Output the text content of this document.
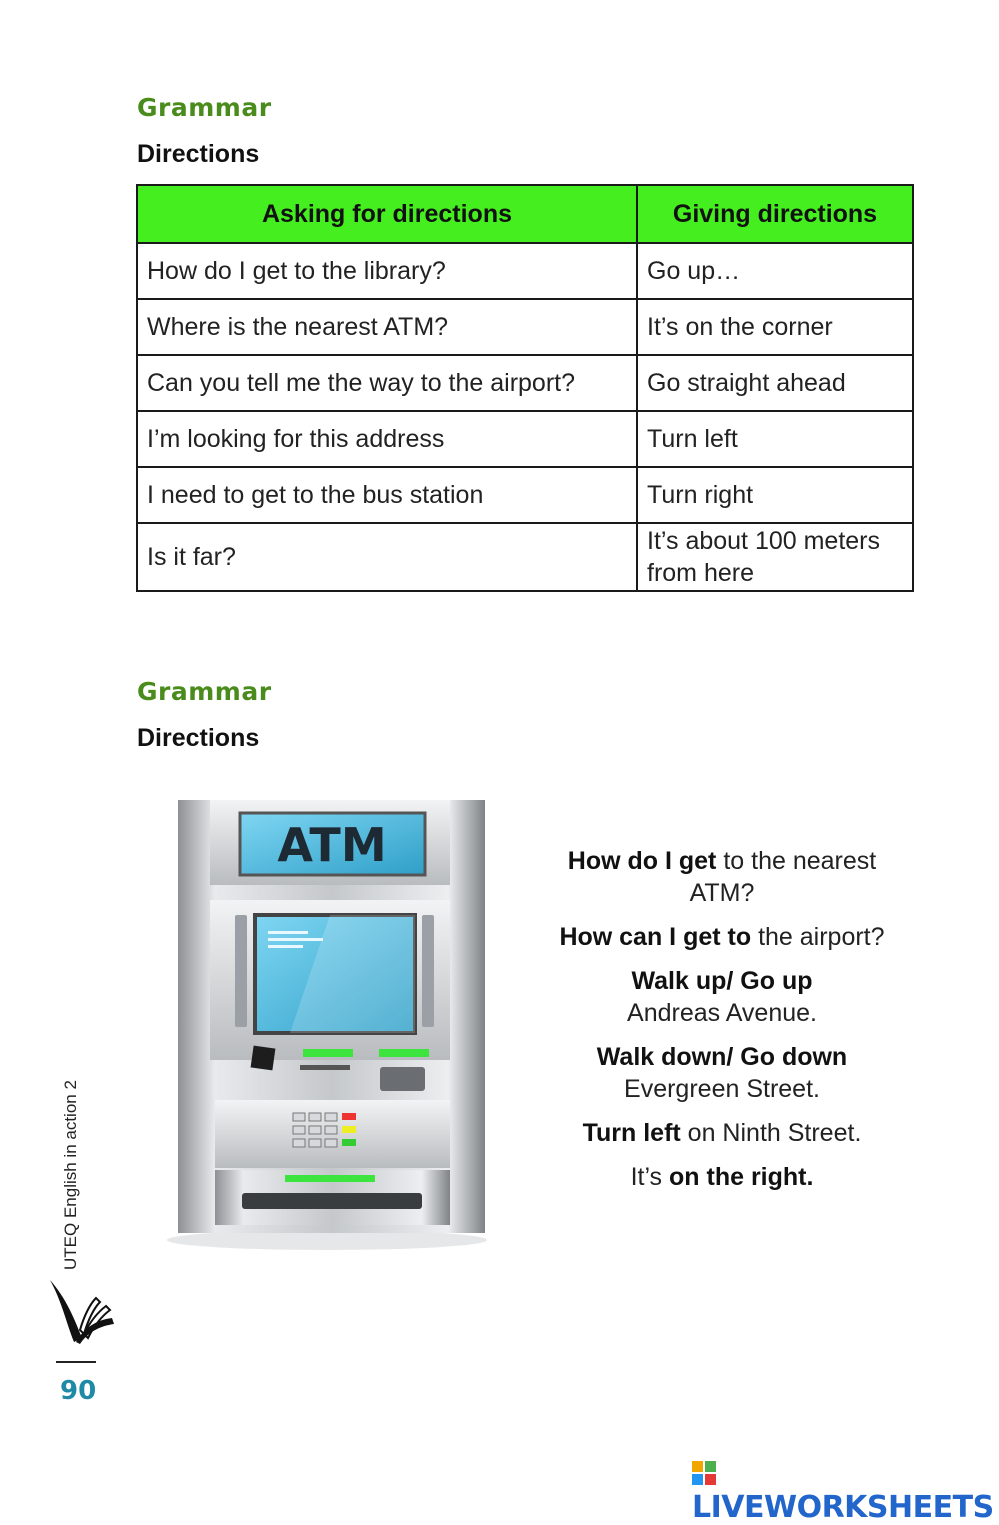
Grammar
Directions
Asking for directions	Giving directions
How do I get to the library?	Go up…
Where is the nearest ATM?	It’s on the corner
Can you tell me the way to the airport?	Go straight ahead
I’m looking for this address	Turn left
I need to get to the bus station	Turn right
Is it far?	It’s about 100 meters from here
Grammar
Directions
ATM	How do I get to the nearest ATM?
How can I get to the airport?
Walk up/ Go up
Andreas Avenue.
Walk down/ Go down
Evergreen Street.
Turn left on Ninth Street.
It’s on the right.
UTEQ English in action 2
90
LIVEWORKSHEETS
